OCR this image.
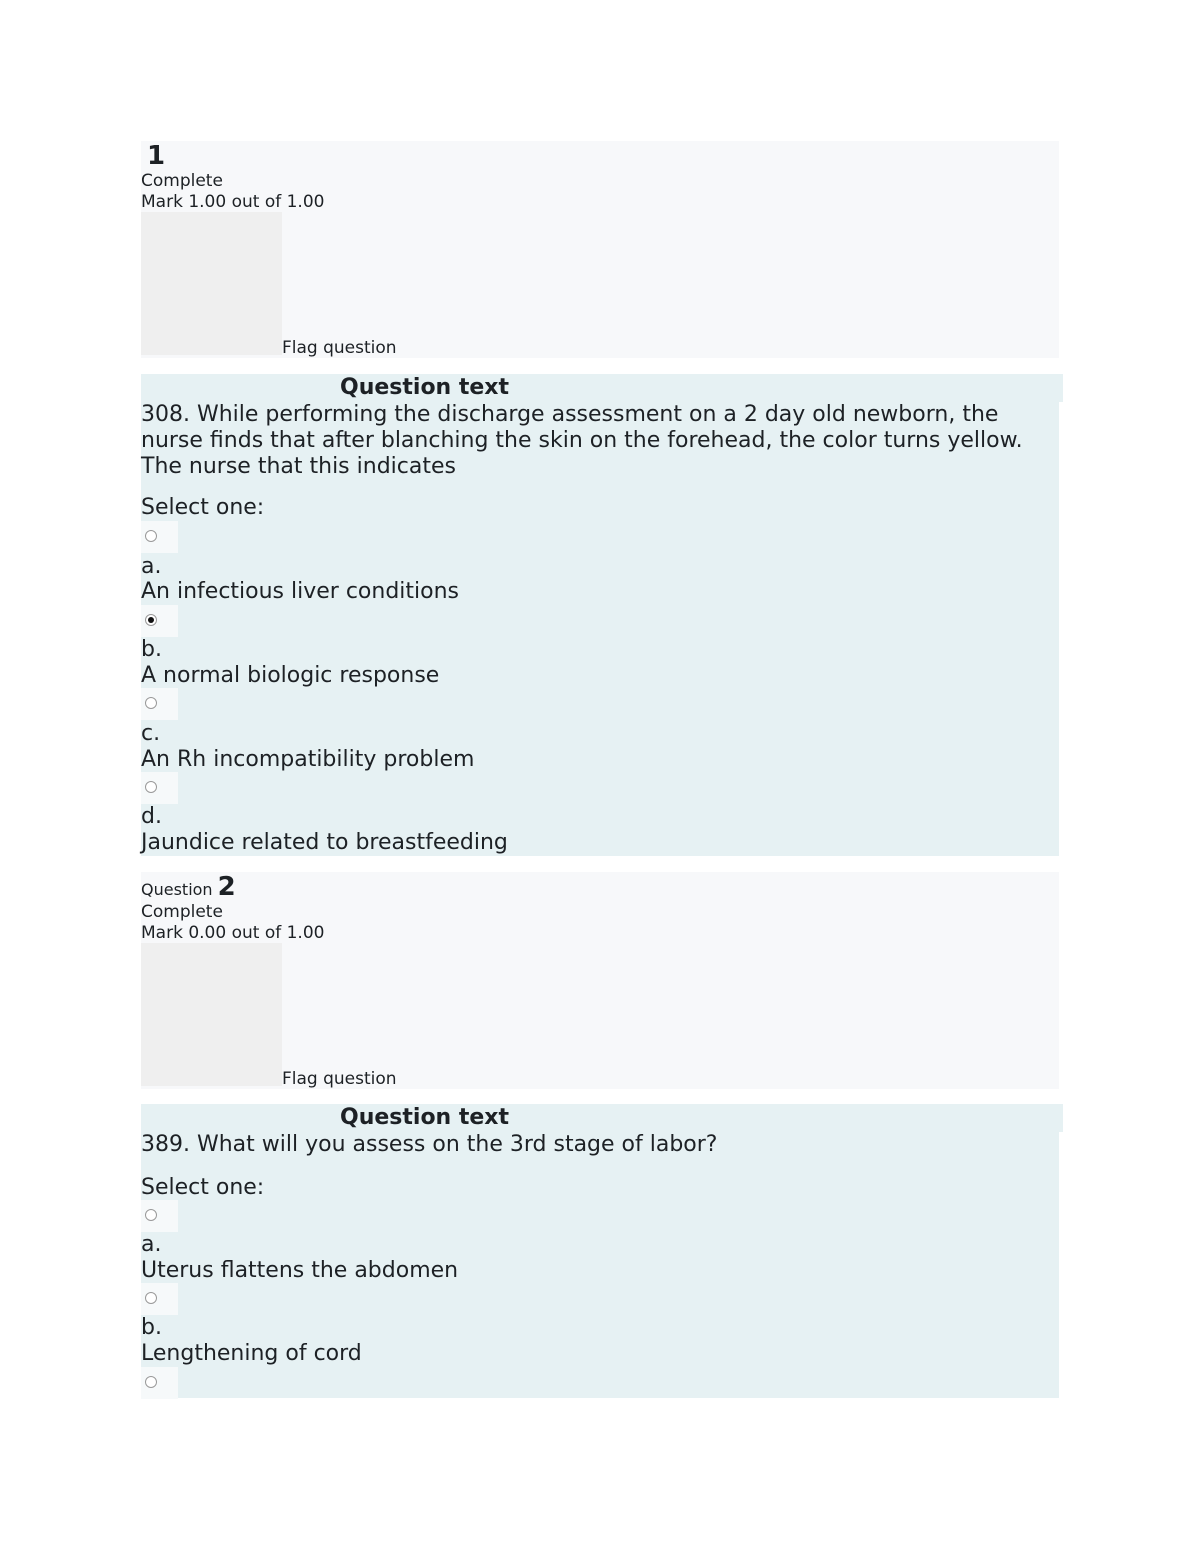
1
Complete
Mark 1.00 out of 1.00
Flag question
Question text
308. While performing the discharge assessment on a 2 day old newborn, the nurse finds that after blanching the skin on the forehead, the color turns yellow. The nurse that this indicates
Select one:
a.
An infectious liver conditions
b.
A normal biologic response
c.
An Rh incompatibility problem
d.
Jaundice related to breastfeeding
Question 2
Complete
Mark 0.00 out of 1.00
Flag question
Question text
389. What will you assess on the 3rd stage of labor?
Select one:
a.
Uterus flattens the abdomen
b.
Lengthening of cord
